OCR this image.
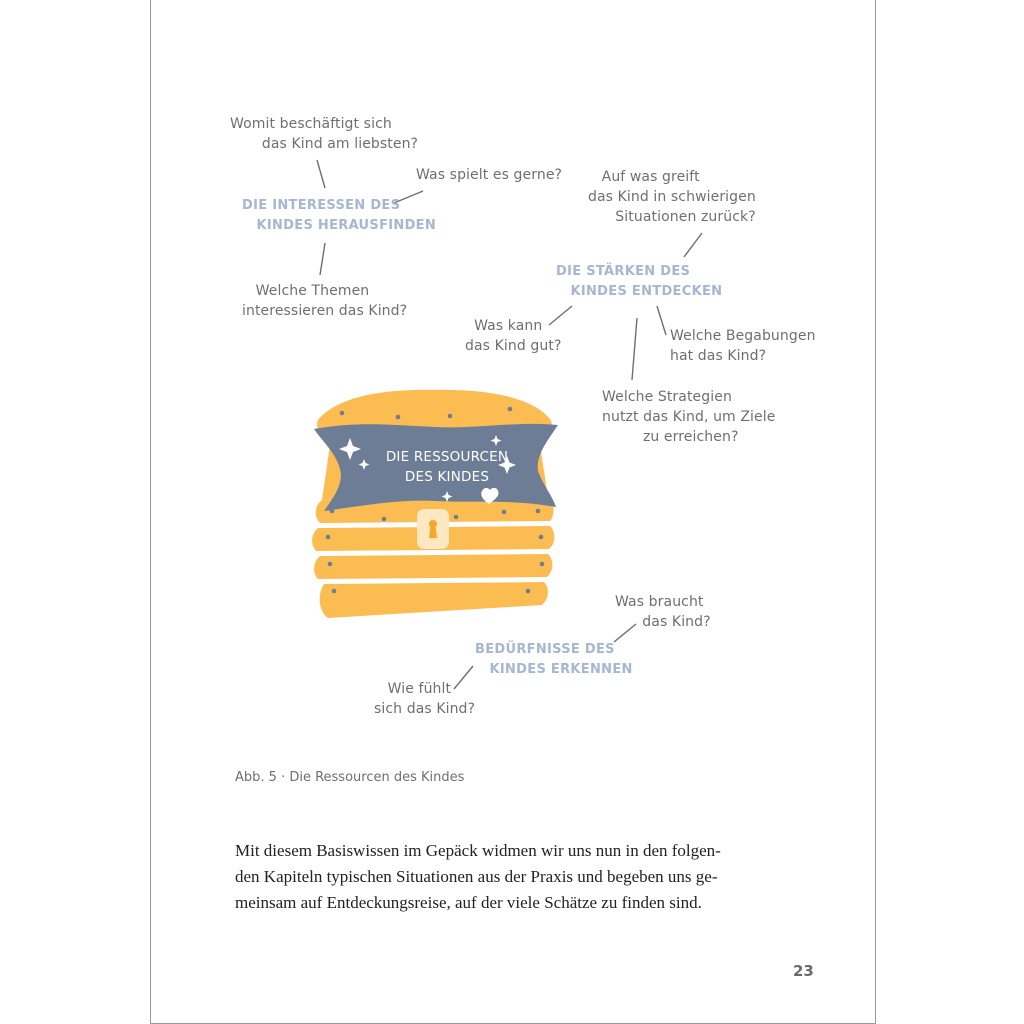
DIE RESSOURCEN
DES KINDES
Womit beschäftigt sich
das Kind am liebsten?
Was spielt es gerne?
DIE INTERESSEN DES
KINDES HERAUSFINDEN
Welche Themen
interessieren das Kind?
Auf was greift
das Kind in schwierigen
Situationen zurück?
DIE STÄRKEN DES
KINDES ENTDECKEN
Was kann
das Kind gut?
Welche Begabungen
hat das Kind?
Welche Strategien
nutzt das Kind, um Ziele
zu erreichen?
Was braucht
das Kind?
BEDÜRFNISSE DES
KINDES ERKENNEN
Wie fühlt
sich das Kind?
Abb. 5 · Die Ressourcen des Kindes
Mit diesem Basiswissen im Gepäck widmen wir uns nun in den folgen-
den Kapiteln typischen Situationen aus der Praxis und begeben uns ge-
meinsam auf Entdeckungsreise, auf der viele Schätze zu finden sind.
23
